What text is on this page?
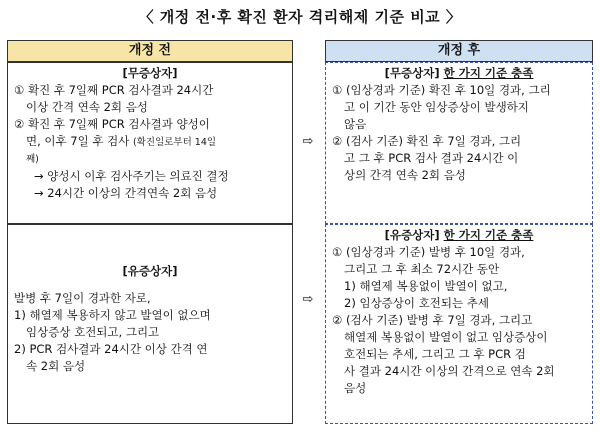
〈 개정 전·후 확진 환자 격리해제 기준 비교 〉
개정 전	개정 후
[무증상자]
① 확진 후 7일째 PCR 검사결과 24시간
이상 간격 연속 2회 음성
② 확진 후 7일째 PCR 검사결과 양성이
면, 이후 7일 후 검사 (확진일로부터 14일
째)
→ 양성시 이후 검사주기는 의료진 결정
→ 24시간 이상의 간격연속 2회 음성
[유증상자]
발병 후 7일이 경과한 자로,
1) 해열제 복용하지 않고 발열이 없으며
임상증상 호전되고, 그리고
2) PCR 검사결과 24시간 이상 간격 연
속 2회 음성
⇨
⇨
[무증상자] 한 가지 기준 충족
① (임상경과 기준) 확진 후 10일 경과, 그리
고 이 기간 동안 임상증상이 발생하지
않음
② (검사 기준) 확진 후 7일 경과, 그리
고 그 후 PCR 검사 결과 24시간 이
상의 간격 연속 2회 음성
[유증상자] 한 가지 기준 충족
① (임상경과 기준) 발병 후 10일 경과,
그리고 그 후 최소 72시간 동안
1) 해열제 복용없이 발열이 없고,
2) 임상증상이 호전되는 추세
② (검사 기준) 발병 후 7일 경과, 그리고
해열제 복용없이 발열이 없고 임상증상이
호전되는 추세, 그리고 그 후 PCR 검
사 결과 24시간 이상의 간격으로 연속 2회
음성
